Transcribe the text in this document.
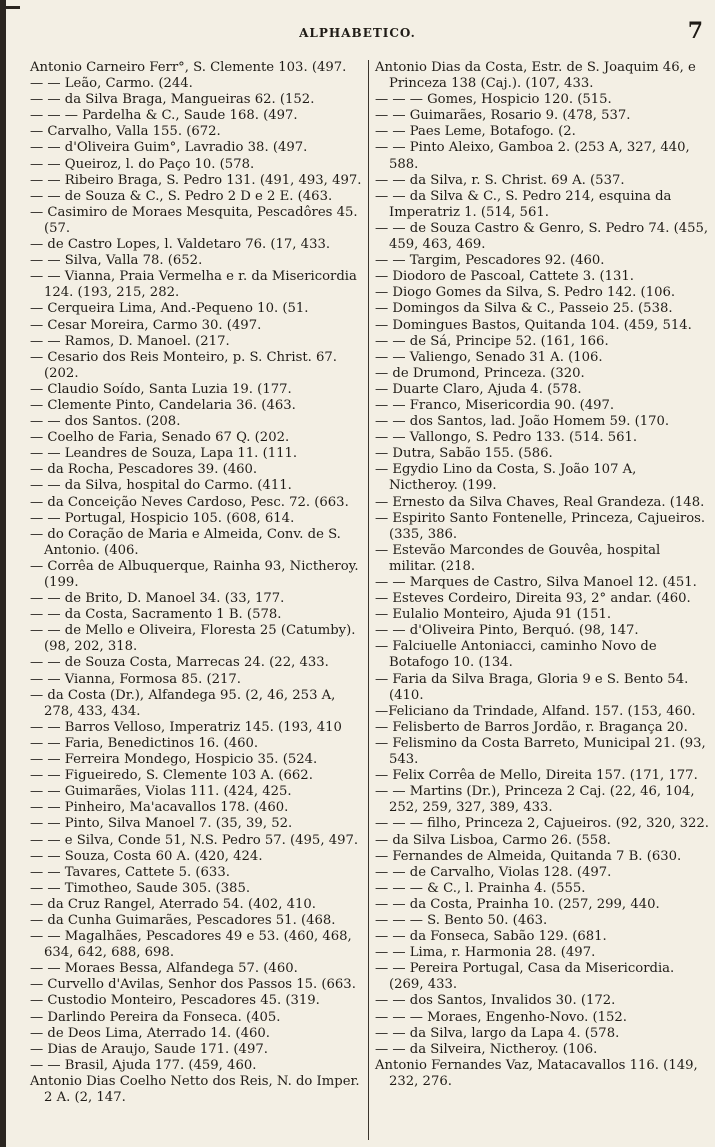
ALPHABETICO.	7

Antonio Carneiro Ferr°, S. Clemente 103. (497.

— — Leão, Carmo. (244.

— — da Silva Braga, Mangueiras 62. (152.

— — — Pardelha & C., Saude 168. (497.

— Carvalho, Valla 155. (672.

— — d'Oliveira Guim°, Lavradio 38. (497.

— — Queiroz, l. do Paço 10. (578.

— — Ribeiro Braga, S. Pedro 131. (491, 493, 497.

— — de Souza & C., S. Pedro 2 D e 2 E. (463.

— Casimiro de Moraes Mesquita, Pescadôres 45. (57.

— de Castro Lopes, l. Valdetaro 76. (17, 433.

— — Silva, Valla 78. (652.

— — Vianna, Praia Vermelha e r. da Misericordia 124. (193, 215, 282.

— Cerqueira Lima, And.-Pequeno 10. (51.

— Cesar Moreira, Carmo 30. (497.

— — Ramos, D. Manoel. (217.

— Cesario dos Reis Monteiro, p. S. Christ. 67. (202.

— Claudio Soído, Santa Luzia 19. (177.

— Clemente Pinto, Candelaria 36. (463.

— — dos Santos. (208.

— Coelho de Faria, Senado 67 Q. (202.

— — Leandres de Souza, Lapa 11. (111.

— da Rocha, Pescadores 39. (460.

— — da Silva, hospital do Carmo. (411.

— da Conceição Neves Cardoso, Pesc. 72. (663.

— — Portugal, Hospicio 105. (608, 614.

— do Coração de Maria e Almeida, Conv. de S. Antonio. (406.

— Corrêa de Albuquerque, Rainha 93, Nictheroy. (199.

— — de Brito, D. Manoel 34. (33, 177.

— — da Costa, Sacramento 1 B. (578.

— — de Mello e Oliveira, Floresta 25 (Catumby). (98, 202, 318.

— — de Souza Costa, Marrecas 24. (22, 433.

— — Vianna, Formosa 85. (217.

— da Costa (Dr.), Alfandega 95. (2, 46, 253 A, 278, 433, 434.

— — Barros Velloso, Imperatriz 145. (193, 410

— — Faria, Benedictinos 16. (460.

— — Ferreira Mondego, Hospicio 35. (524.

— — Figueiredo, S. Clemente 103 A. (662.

— — Guimarães, Violas 111. (424, 425.

— — Pinheiro, Ma'acavallos 178. (460.

— — Pinto, Silva Manoel 7. (35, 39, 52.

— — e Silva, Conde 51, N.S. Pedro 57. (495, 497.

— — Souza, Costa 60 A. (420, 424.

— — Tavares, Cattete 5. (633.

— — Timotheo, Saude 305. (385.

— da Cruz Rangel, Aterrado 54. (402, 410.

— da Cunha Guimarães, Pescadores 51. (468.

— — Magalhães, Pescadores 49 e 53. (460, 468, 634, 642, 688, 698.

— — Moraes Bessa, Alfandega 57. (460.

— Curvello d'Avilas, Senhor dos Passos 15. (663.

— Custodio Monteiro, Pescadores 45. (319.

— Darlindo Pereira da Fonseca. (405.

— de Deos Lima, Aterrado 14. (460.

— Dias de Araujo, Saude 171. (497.

— — Brasil, Ajuda 177. (459, 460.

Antonio Dias Coelho Netto dos Reis, N. do Imper. 2 A. (2, 147.

Antonio Dias da Costa, Estr. de S. Joaquim 46, e Princeza 138 (Caj.). (107, 433.

— — — Gomes, Hospicio 120. (515.

— — Guimarães, Rosario 9. (478, 537.

— — Paes Leme, Botafogo. (2.

— — Pinto Aleixo, Gamboa 2. (253 A, 327, 440, 588.

— — da Silva, r. S. Christ. 69 A. (537.

— — da Silva & C., S. Pedro 214, esquina da Imperatriz 1. (514, 561.

— — de Souza Castro & Genro, S. Pedro 74. (455, 459, 463, 469.

— — Targim, Pescadores 92. (460.

— Diodoro de Pascoal, Cattete 3. (131.

— Diogo Gomes da Silva, S. Pedro 142. (106.

— Domingos da Silva & C., Passeio 25. (538.

— Domingues Bastos, Quitanda 104. (459, 514.

— — de Sá, Principe 52. (161, 166.

— — Valiengo, Senado 31 A. (106.

— de Drumond, Princeza. (320.

— Duarte Claro, Ajuda 4. (578.

— — Franco, Misericordia 90. (497.

— — dos Santos, lad. João Homem 59. (170.

— — Vallongo, S. Pedro 133. (514. 561.

— Dutra, Sabão 155. (586.

— Egydio Lino da Costa, S. João 107 A, Nictheroy. (199.

— Ernesto da Silva Chaves, Real Grandeza. (148.

— Espirito Santo Fontenelle, Princeza, Cajueiros. (335, 386.

— Estevão Marcondes de Gouvêa, hospital militar. (218.

— — Marques de Castro, Silva Manoel 12. (451.

— Esteves Cordeiro, Direita 93, 2° andar. (460.

— Eulalio Monteiro, Ajuda 91 (151.

— — d'Oliveira Pinto, Berquó. (98, 147.

— Falciuelle Antoniacci, caminho Novo de Botafogo 10. (134.

— Faria da Silva Braga, Gloria 9 e S. Bento 54. (410.

—Feliciano da Trindade, Alfand. 157. (153, 460.

— Felisberto de Barros Jordão, r. Bragança 20.

— Felismino da Costa Barreto, Municipal 21. (93, 543.

— Felix Corrêa de Mello, Direita 157. (171, 177.

— — Martins (Dr.), Princeza 2 Caj. (22, 46, 104, 252, 259, 327, 389, 433.

— — — filho, Princeza 2, Cajueiros. (92, 320, 322.

— da Silva Lisboa, Carmo 26. (558.

— Fernandes de Almeida, Quitanda 7 B. (630.

— — de Carvalho, Violas 128. (497.

— — — & C., l. Prainha 4. (555.

— — da Costa, Prainha 10. (257, 299, 440.

— — — S. Bento 50. (463.

— — da Fonseca, Sabão 129. (681.

— — Lima, r. Harmonia 28. (497.

— — Pereira Portugal, Casa da Misericordia. (269, 433.

— — dos Santos, Invalidos 30. (172.

— — — Moraes, Engenho-Novo. (152.

— — da Silva, largo da Lapa 4. (578.

— — da Silveira, Nictheroy. (106.

Antonio Fernandes Vaz, Matacavallos 116. (149, 232, 276.
